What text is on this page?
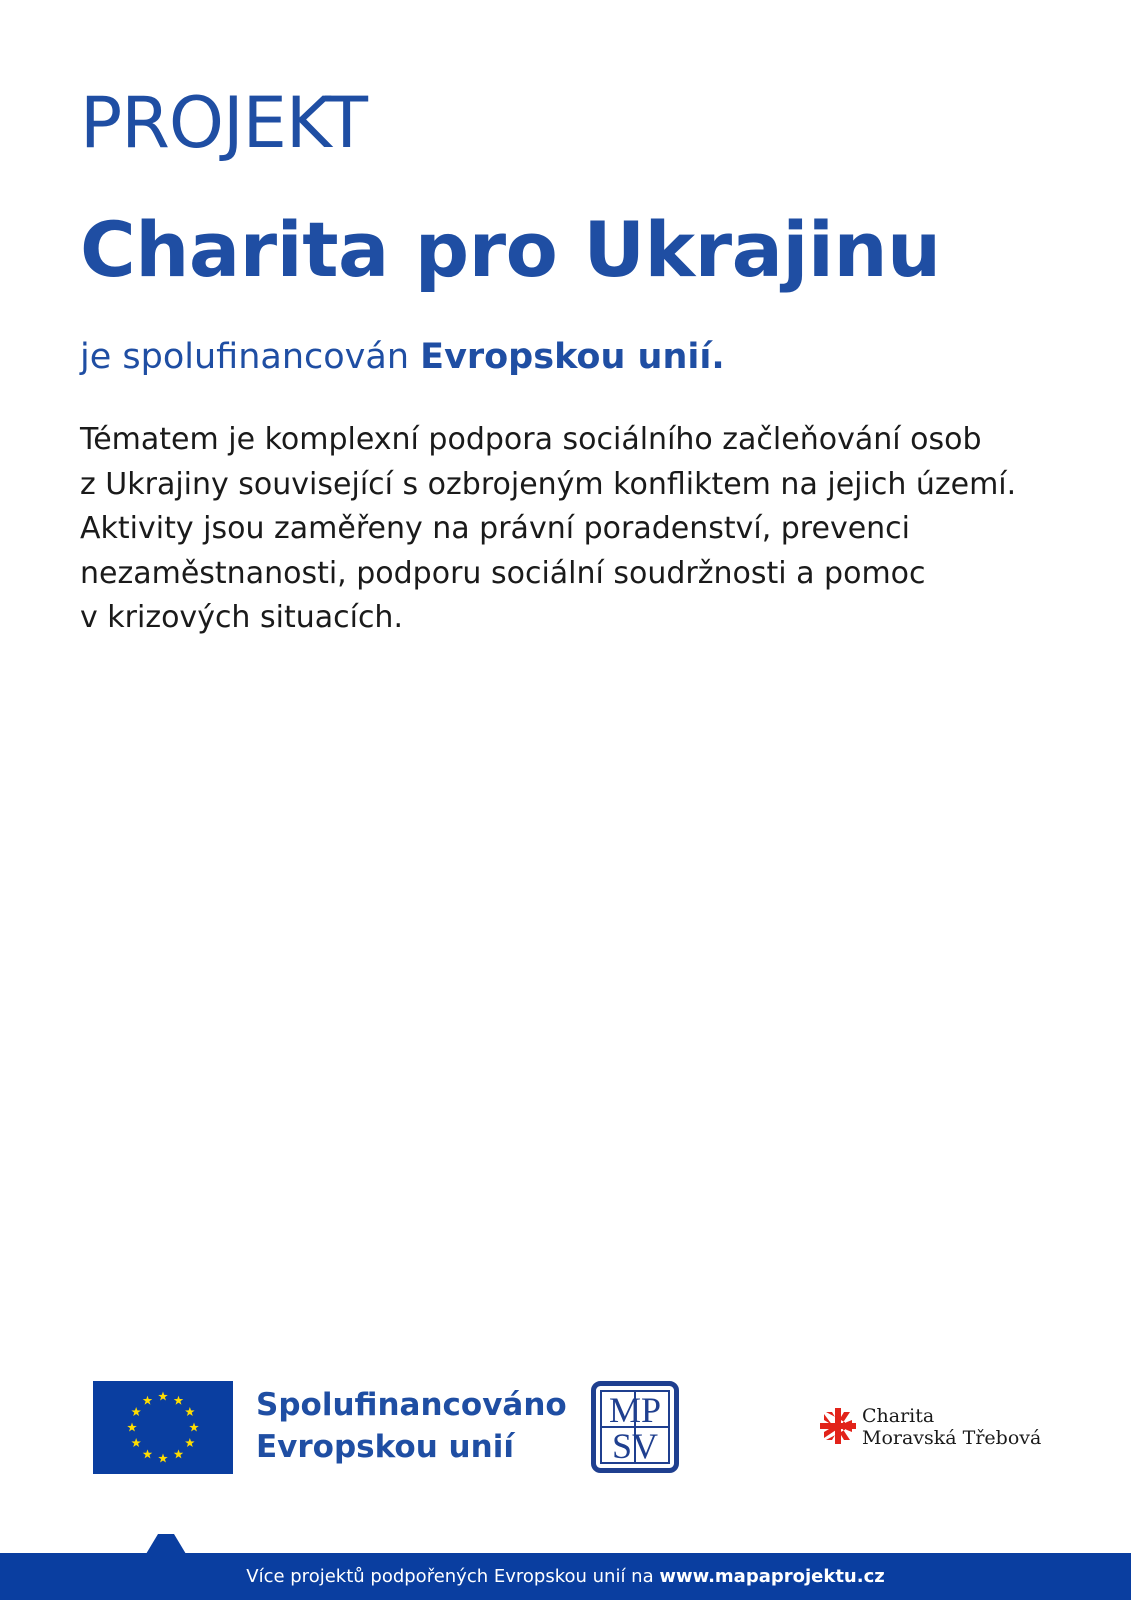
PROJEKT
Charita pro Ukrajinu
je spolufinancován Evropskou unií.

Tématem je komplexní podpora sociálního začleňování osob

z Ukrajiny související s ozbrojeným konfliktem na jejich území.

Aktivity jsou zaměřeny na právní poradenství, prevenci

nezaměstnanosti, podporu sociální soudržnosti a pomoc

v krizových situacích.

Spolufinancováno
Evropskou unií
MP
SV
Charita
Moravská Třebová
Více projektů podpořených Evropskou unií na www.mapaprojektu.cz
